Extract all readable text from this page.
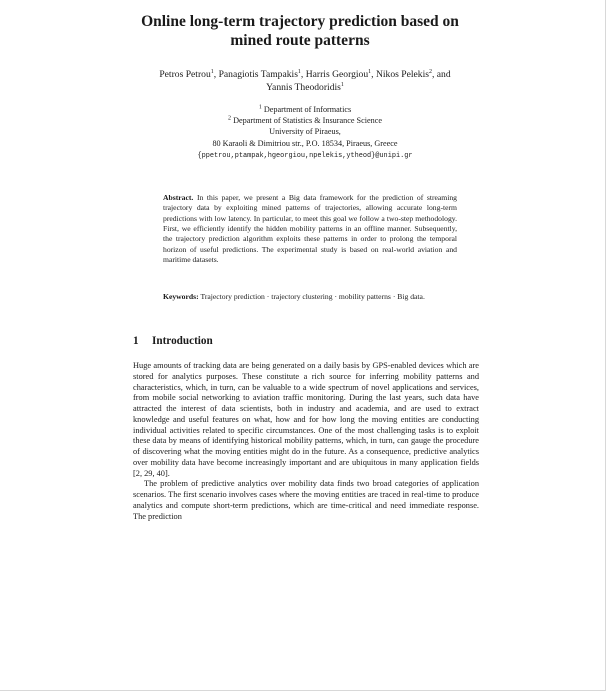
Online long-term trajectory prediction based on
mined route patterns
Petros Petrou$^1$, Panagiotis Tampakis$^1$, Harris Georgiou$^1$, Nikos Pelekis$^2$, and
Yannis Theodoridis$^1$
$^1$ Department of Informatics
$^2$ Department of Statistics & Insurance Science
University of Piraeus,
80 Karaoli & Dimitriou str., P.O. 18534, Piraeus, Greece
{ppetrou,ptampak,hgeorgiou,npelekis,ytheod}@unipi.gr
Abstract. In this paper, we present a Big data framework for the prediction of streaming trajectory data by exploiting mined patterns of trajectories, allowing accurate long-term predictions with low latency. In particular, to meet this goal we follow a two-step methodology. First, we efficiently identify the hidden mobility patterns in an offline manner. Subsequently, the trajectory prediction algorithm exploits these patterns in order to prolong the temporal horizon of useful predictions. The experimental study is based on real-world aviation and maritime datasets.
Keywords: Trajectory prediction · trajectory clustering · mobility patterns · Big data.
1 Introduction

Huge amounts of tracking data are being generated on a daily basis by GPS-enabled devices which are stored for analytics purposes. These constitute a rich source for inferring mobility patterns and characteristics, which, in turn, can be valuable to a wide spectrum of novel applications and services, from mobile social networking to aviation traffic monitoring. During the last years, such data have attracted the interest of data scientists, both in industry and academia, and are used to extract knowledge and useful features on what, how and for how long the moving entities are conducting individual activities related to specific circumstances. One of the most challenging tasks is to exploit these data by means of identifying historical mobility patterns, which, in turn, can gauge the procedure of discovering what the moving entities might do in the future. As a consequence, predictive analytics over mobility data have become increasingly important and are ubiquitous in many application fields [2, 29, 40].

The problem of predictive analytics over mobility data finds two broad categories of application scenarios. The first scenario involves cases where the moving entities are traced in real-time to produce analytics and compute short-term predictions, which are time-critical and need immediate response. The prediction
